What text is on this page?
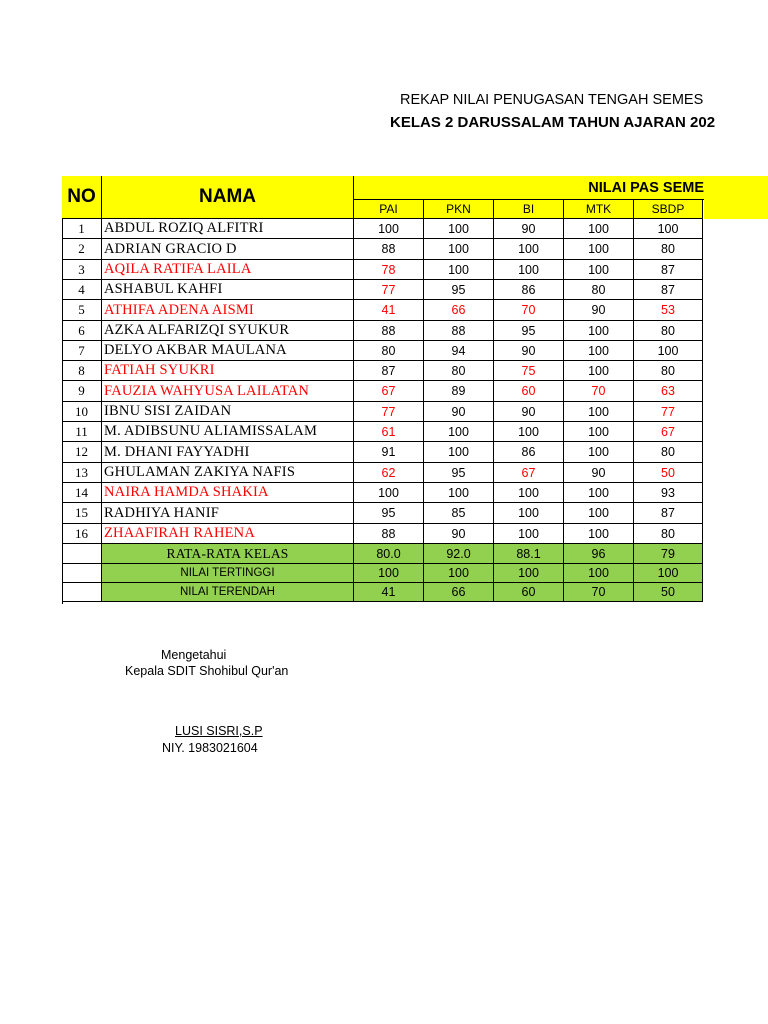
REKAP NILAI PENUGASAN TENGAH SEMES
KELAS 2 DARUSSALAM TAHUN AJARAN 202
NO	NAMA	NILAI PAS SEME
PAI	PKN	BI	MTK	SBDP
1	ABDUL ROZIQ ALFITRI	100	100	90	100	100
2	ADRIAN GRACIO D	88	100	100	100	80
3	AQILA RATIFA LAILA	78	100	100	100	87
4	ASHABUL KAHFI	77	95	86	80	87
5	ATHIFA ADENA AISMI	41	66	70	90	53
6	AZKA ALFARIZQI SYUKUR	88	88	95	100	80
7	DELYO AKBAR MAULANA	80	94	90	100	100
8	FATIAH SYUKRI	87	80	75	100	80
9	FAUZIA WAHYUSA LAILATAN	67	89	60	70	63
10	IBNU SISI ZAIDAN	77	90	90	100	77
11	M. ADIBSUNU ALIAMISSALAM	61	100	100	100	67
12	M. DHANI FAYYADHI	91	100	86	100	80
13	GHULAMAN ZAKIYA NAFIS	62	95	67	90	50
14	NAIRA HAMDA SHAKIA	100	100	100	100	93
15	RADHIYA HANIF	95	85	100	100	87
16	ZHAAFIRAH RAHENA	88	90	100	100	80
RATA-RATA KELAS	80.0	92.0	88.1	96	79
NILAI TERTINGGI	100	100	100	100	100
NILAI TERENDAH	41	66	60	70	50
Mengetahui
Kepala SDIT Shohibul Qur'an
LUSI SISRI,S.P
NIY. 1983021604
